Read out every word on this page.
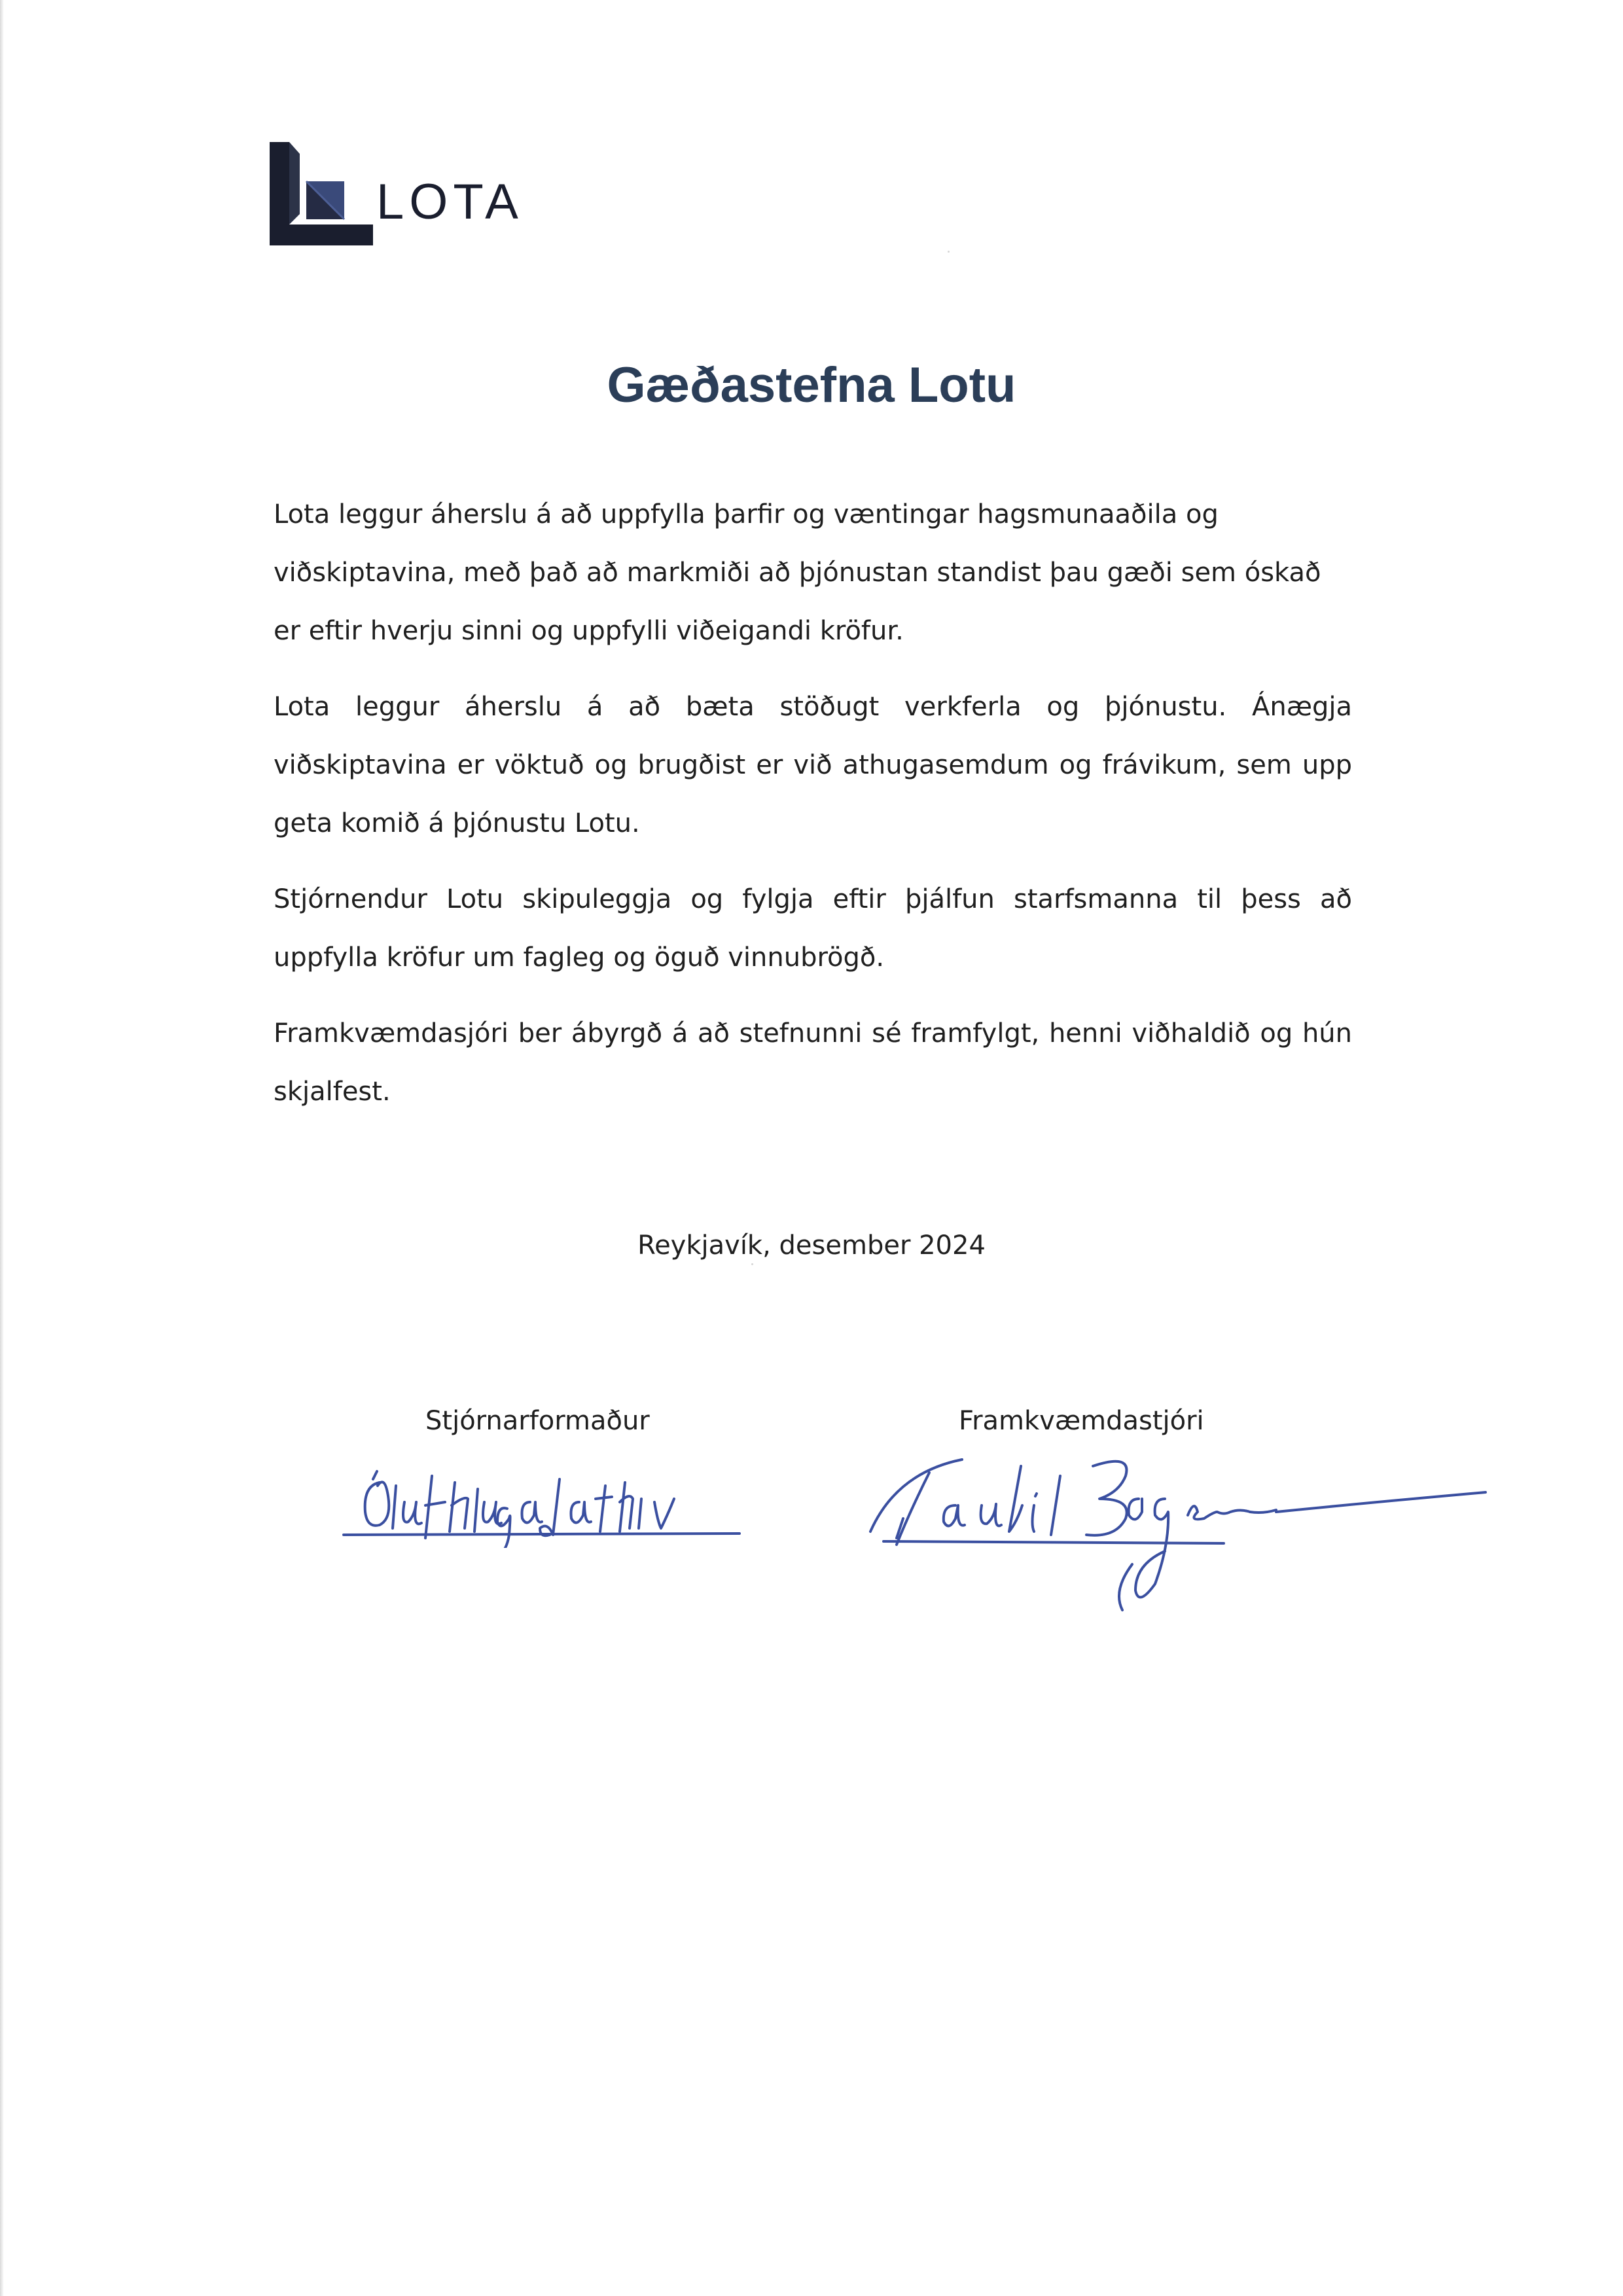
LOTA
Gæðastefna Lotu

Lota leggur áherslu á að uppfylla þarfir og væntingar hagsmunaaðila og viðskiptavina, með það að markmiði að þjónustan standist þau gæði sem óskað er eftir hverju sinni og uppfylli viðeigandi kröfur.

Lota leggur áherslu á að bæta stöðugt verkferla og þjónustu. Ánægja viðskiptavina er vöktuð og brugðist er við athugasemdum og frávikum, sem upp geta komið á þjónustu Lotu.

Stjórnendur Lotu skipuleggja og fylgja eftir þjálfun starfsmanna til þess að uppfylla kröfur um fagleg og öguð vinnubrögð.

Framkvæmdasjóri ber ábyrgð á að stefnunni sé framfylgt, henni viðhaldið og hún skjalfest.

Reykjavík, desember 2024
Stjórnarformaður	Framkvæmdastjóri
